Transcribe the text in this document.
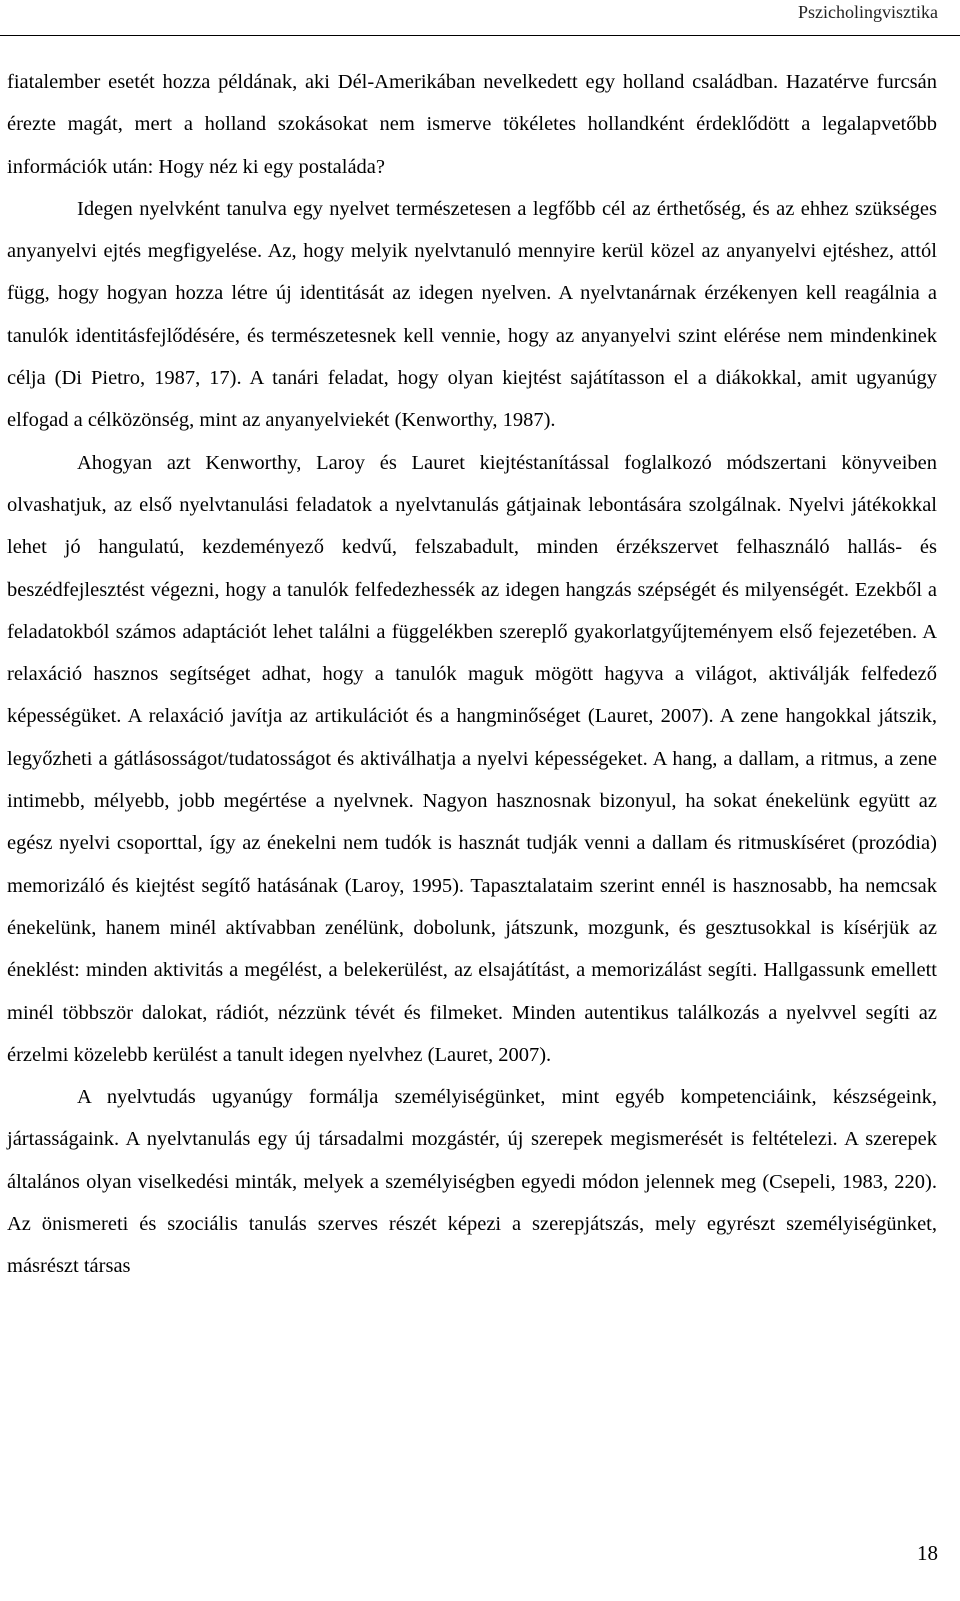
Pszicholingvisztika

fiatalember esetét hozza példának, aki Dél-Amerikában nevelkedett egy holland családban. Hazatérve furcsán érezte magát, mert a holland szokásokat nem ismerve tökéletes hollandként érdeklődött a legalapvetőbb információk után: Hogy néz ki egy postaláda?

Idegen nyelvként tanulva egy nyelvet természetesen a legfőbb cél az érthetőség, és az ehhez szükséges anyanyelvi ejtés megfigyelése. Az, hogy melyik nyelvtanuló mennyire kerül közel az anyanyelvi ejtéshez, attól függ, hogy hogyan hozza létre új identitását az idegen nyelven. A nyelvtanárnak érzékenyen kell reagálnia a tanulók identitásfejlődésére, és természetesnek kell vennie, hogy az anyanyelvi szint elérése nem mindenkinek célja (Di Pietro, 1987, 17). A tanári feladat, hogy olyan kiejtést sajátítasson el a diákokkal, amit ugyanúgy elfogad a célközönség, mint az anyanyelviekét (Kenworthy, 1987).

Ahogyan azt Kenworthy, Laroy és Lauret kiejtéstanítással foglalkozó módszertani könyveiben olvashatjuk, az első nyelvtanulási feladatok a nyelvtanulás gátjainak lebontására szolgálnak. Nyelvi játékokkal lehet jó hangulatú, kezdeményező kedvű, felszabadult, minden érzékszervet felhasználó hallás- és beszédfejlesztést végezni, hogy a tanulók felfedezhessék az idegen hangzás szépségét és milyenségét. Ezekből a feladatokból számos adaptációt lehet találni a függelékben szereplő gyakorlatgyűjteményem első fejezetében. A relaxáció hasznos segítséget adhat, hogy a tanulók maguk mögött hagyva a világot, aktiválják felfedező képességüket. A relaxáció javítja az artikulációt és a hangminőséget (Lauret, 2007). A zene hangokkal játszik, legyőzheti a gátlásosságot/tudatosságot és aktiválhatja a nyelvi képességeket. A hang, a dallam, a ritmus, a zene intimebb, mélyebb, jobb megértése a nyelvnek. Nagyon hasznosnak bizonyul, ha sokat énekelünk együtt az egész nyelvi csoporttal, így az énekelni nem tudók is hasznát tudják venni a dallam és ritmuskíséret (prozódia) memorizáló és kiejtést segítő hatásának (Laroy, 1995). Tapasztalataim szerint ennél is hasznosabb, ha nemcsak énekelünk, hanem minél aktívabban zenélünk, dobolunk, játszunk, mozgunk, és gesztusokkal is kísérjük az éneklést: minden aktivitás a megélést, a belekerülést, az elsajátítást, a memorizálást segíti. Hallgassunk emellett minél többször dalokat, rádiót, nézzünk tévét és filmeket. Minden autentikus találkozás a nyelvvel segíti az érzelmi közelebb kerülést a tanult idegen nyelvhez (Lauret, 2007).

A nyelvtudás ugyanúgy formálja személyiségünket, mint egyéb kompetenciáink, készségeink, jártasságaink. A nyelvtanulás egy új társadalmi mozgástér, új szerepek megismerését is feltételezi. A szerepek általános olyan viselkedési minták, melyek a személyiségben egyedi módon jelennek meg (Csepeli, 1983, 220). Az önismereti és szociális tanulás szerves részét képezi a szerepjátszás, mely egyrészt személyiségünket, másrészt társas

18
